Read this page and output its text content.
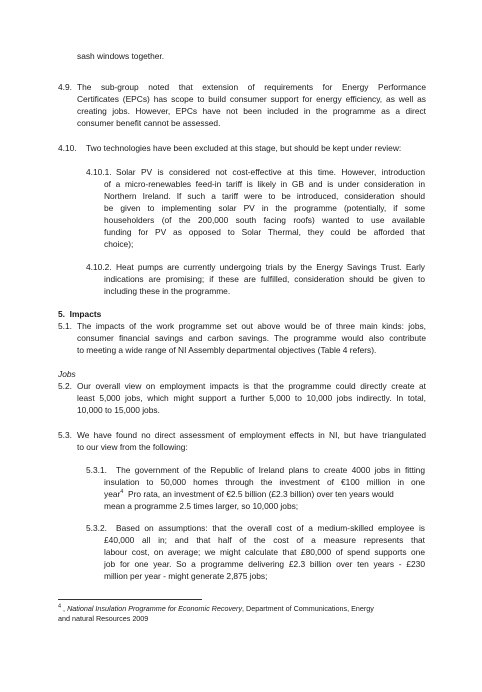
sash windows together.
4.9. The sub-group noted that extension of requirements for Energy Performance
Certificates (EPCs) has scope to build consumer support for energy efficiency, as well as
creating jobs. However, EPCs have not been included in the programme as a direct
consumer benefit cannot be assessed.
4.10. Two technologies have been excluded at this stage, but should be kept under review:
4.10.1. Solar PV is considered not cost-effective at this time. However, introduction
of a micro-renewables feed-in tariff is likely in GB and is under consideration in
Northern Ireland. If such a tariff were to be introduced, consideration should
be given to implementing solar PV in the programme (potentially, if some
householders (of the 200,000 south facing roofs) wanted to use available
funding for PV as opposed to Solar Thermal, they could be afforded that
choice);
4.10.2. Heat pumps are currently undergoing trials by the Energy Savings Trust. Early
indications are promising; if these are fulfilled, consideration should be given to
including these in the programme.
5. Impacts
5.1. The impacts of the work programme set out above would be of three main kinds: jobs,
consumer financial savings and carbon savings. The programme would also contribute
to meeting a wide range of NI Assembly departmental objectives (Table 4 refers).
Jobs
5.2. Our overall view on employment impacts is that the programme could directly create at
least 5,000 jobs, which might support a further 5,000 to 10,000 jobs indirectly. In total,
10,000 to 15,000 jobs.
5.3. We have found no direct assessment of employment effects in NI, but have triangulated
to our view from the following:
5.3.1. The government of the Republic of Ireland plans to create 4000 jobs in fitting
insulation to 50,000 homes through the investment of €100 million in one
year$^4$ Pro rata, an investment of €2.5 billion (£2.3 billion) over ten years would
mean a programme 2.5 times larger, so 10,000 jobs;
5.3.2. Based on assumptions: that the overall cost of a medium-skilled employee is
£40,000 all in; and that half of the cost of a measure represents that
labour cost, on average; we might calculate that £80,000 of spend supports one
job for one year. So a programme delivering £2.3 billion over ten years - £230
million per year - might generate 2,875 jobs;
$^4$ , National Insulation Programme for Economic Recovery, Department of Communications, Energy
and natural Resources 2009
